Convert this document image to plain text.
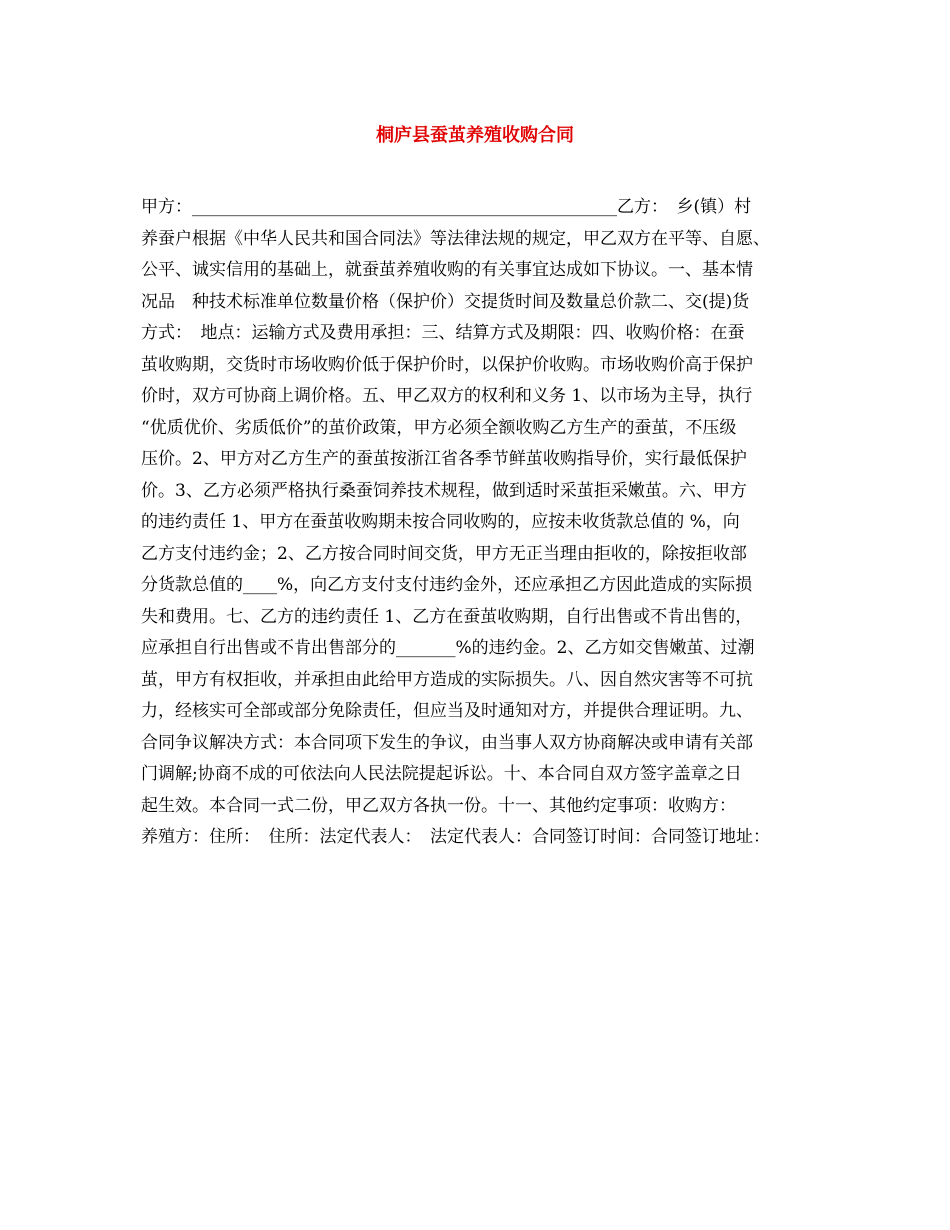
桐庐县蚕茧养殖收购合同
甲方：__________________________________________________乙方：　乡(镇）村
养蚕户根据《中华人民共和国合同法》等法律法规的规定，甲乙双方在平等、自愿、
公平、诚实信用的基础上，就蚕茧养殖收购的有关事宜达成如下协议。一、基本情
况品　种技术标准单位数量价格（保护价）交提货时间及数量总价款二、交(提)货
方式：　地点：运输方式及费用承担：三、结算方式及期限：四、收购价格：在蚕
茧收购期，交货时市场收购价低于保护价时，以保护价收购。市场收购价高于保护
价时，双方可协商上调价格。五、甲乙双方的权利和义务 1、以市场为主导，执行
“优质优价、劣质低价”的茧价政策，甲方必须全额收购乙方生产的蚕茧，不压级
压价。2、甲方对乙方生产的蚕茧按浙江省各季节鲜茧收购指导价，实行最低保护
价。3、乙方必须严格执行桑蚕饲养技术规程，做到适时采茧拒采嫩茧。六、甲方
的违约责任 1、甲方在蚕茧收购期未按合同收购的，应按未收货款总值的 %，向
乙方支付违约金；2、乙方按合同时间交货，甲方无正当理由拒收的，除按拒收部
分货款总值的____%，向乙方支付支付违约金外，还应承担乙方因此造成的实际损
失和费用。七、乙方的违约责任 1、乙方在蚕茧收购期，自行出售或不肯出售的，
应承担自行出售或不肯出售部分的_______%的违约金。2、乙方如交售嫩茧、过潮
茧，甲方有权拒收，并承担由此给甲方造成的实际损失。八、因自然灾害等不可抗
力，经核实可全部或部分免除责任，但应当及时通知对方，并提供合理证明。九、
合同争议解决方式：本合同项下发生的争议，由当事人双方协商解决或申请有关部
门调解;协商不成的可依法向人民法院提起诉讼。十、本合同自双方签字盖章之日
起生效。本合同一式二份，甲乙双方各执一份。十一、其他约定事项：收购方：
养殖方：住所：　住所：法定代表人：　法定代表人：合同签订时间：合同签订地址：
